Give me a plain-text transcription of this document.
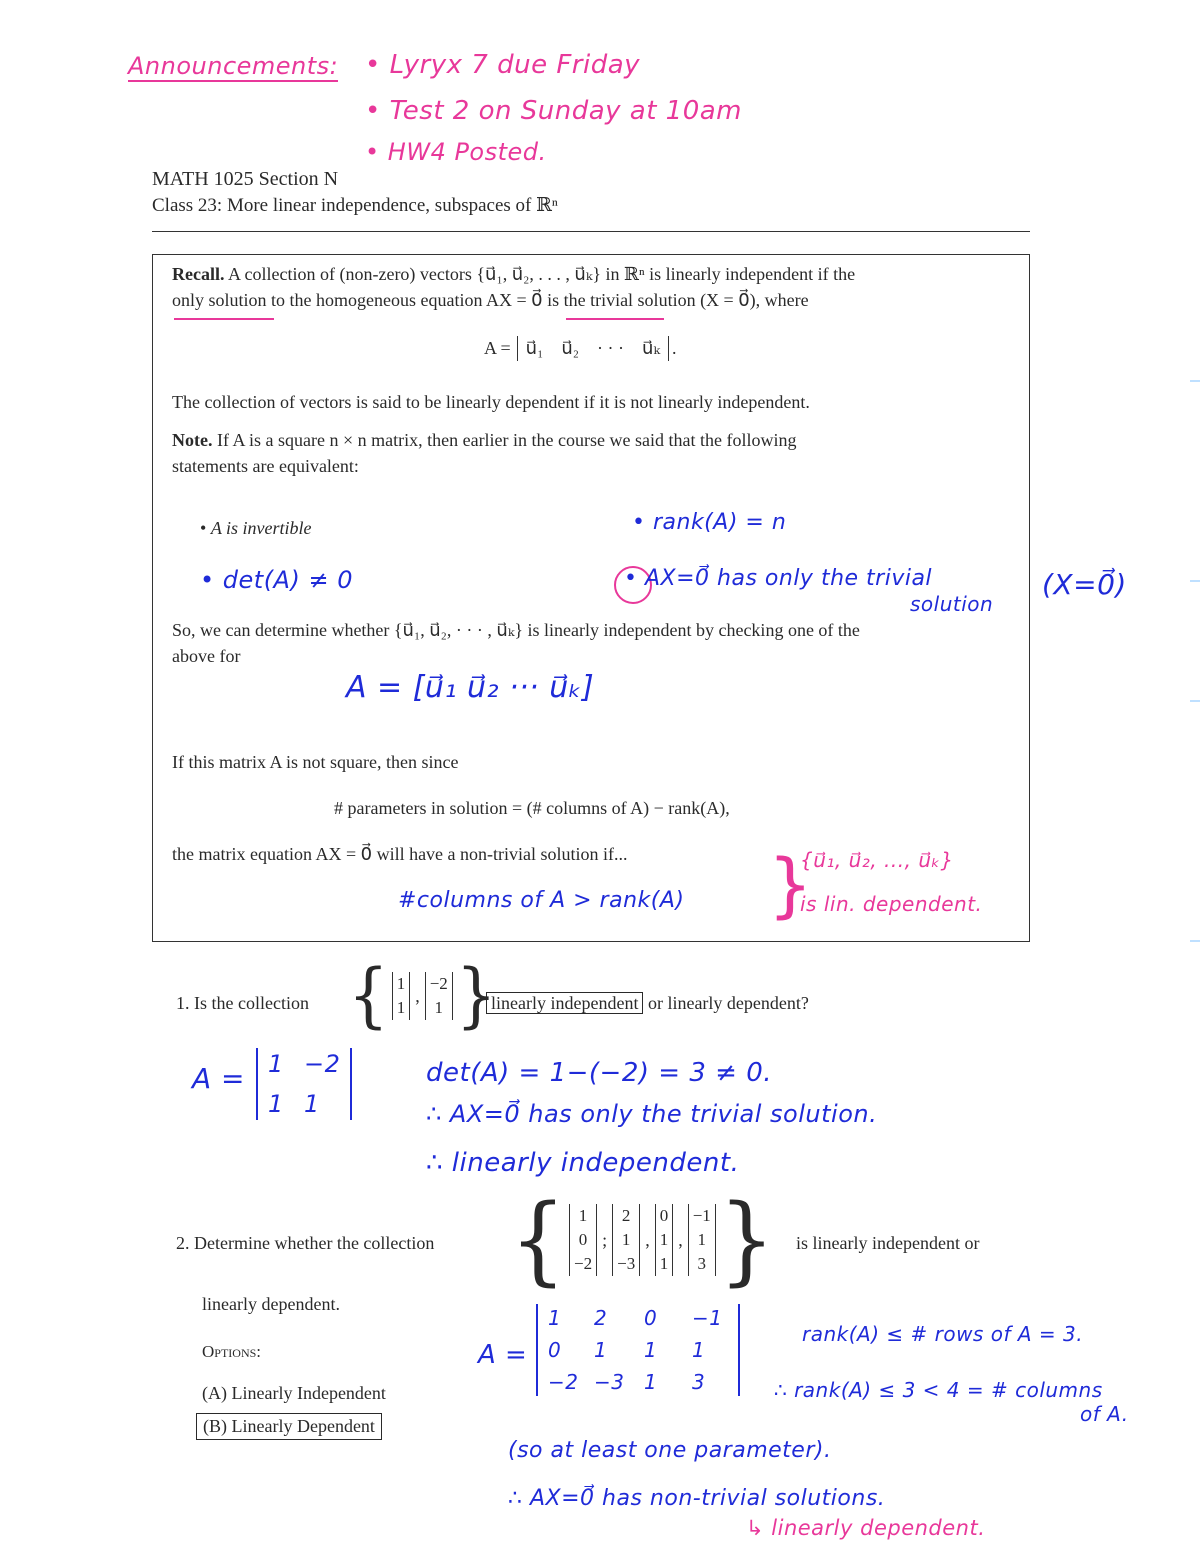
Announcements: • Lyryx 7 due Friday
• Test 2 on Sunday at 10am
• HW4 Posted.
MATH 1025 Section N
Class 23: More linear independence, subspaces of ℝⁿ
Recall. A collection of (non-zero) vectors {u⃗₁, u⃗₂, . . . , u⃗ₖ} in ℝⁿ is linearly independent if the
only solution to the homogeneous equation AX = 0⃗ is the trivial solution (X = 0⃗), where
A = u⃗₁ u⃗₂ · · · u⃗ₖ .
The collection of vectors is said to be linearly dependent if it is not linearly independent.
Note. If A is a square n × n matrix, then earlier in the course we said that the following
statements are equivalent:
• A is invertible	• rank(A) = n
• det(A) ≠ 0	• AX=0⃗ has only the trivial
solution
(X=0⃗)
So, we can determine whether {u⃗₁, u⃗₂, · · · , u⃗ₖ} is linearly independent by checking one of the
above for
A = [u⃗₁ u⃗₂ ··· u⃗ₖ]
If this matrix A is not square, then since
# parameters in solution = (# columns of A) − rank(A),
the matrix equation AX = 0⃗ will have a non-trivial solution if...
#columns of A > rank(A) }
{u⃗₁, u⃗₂, ..., u⃗ₖ}
is lin. dependent.
1. Is the collection { 1
1
,
−2
1 }
linearly independent or linearly dependent?
A = 1 −2
1 1
det(A) = 1−(−2) = 3 ≠ 0.
∴ AX=0⃗ has only the trivial solution.
∴ linearly independent.
2. Determine whether the collection { 1
0
−2
;
2
1
−3
,
0
1
1
,
−1
1
3 } is linearly independent or
linearly dependent.
Options:
(A) Linearly Independent
(B) Linearly Dependent
A =
1	2	0	−1
0	1	1	1
−2 −3 1	3
rank(A) ≤ # rows of A = 3.
∴ rank(A) ≤ 3 < 4 = # columns
of A.
(so at least one parameter).
∴ AX=0⃗ has non-trivial solutions.
↳ linearly dependent.
